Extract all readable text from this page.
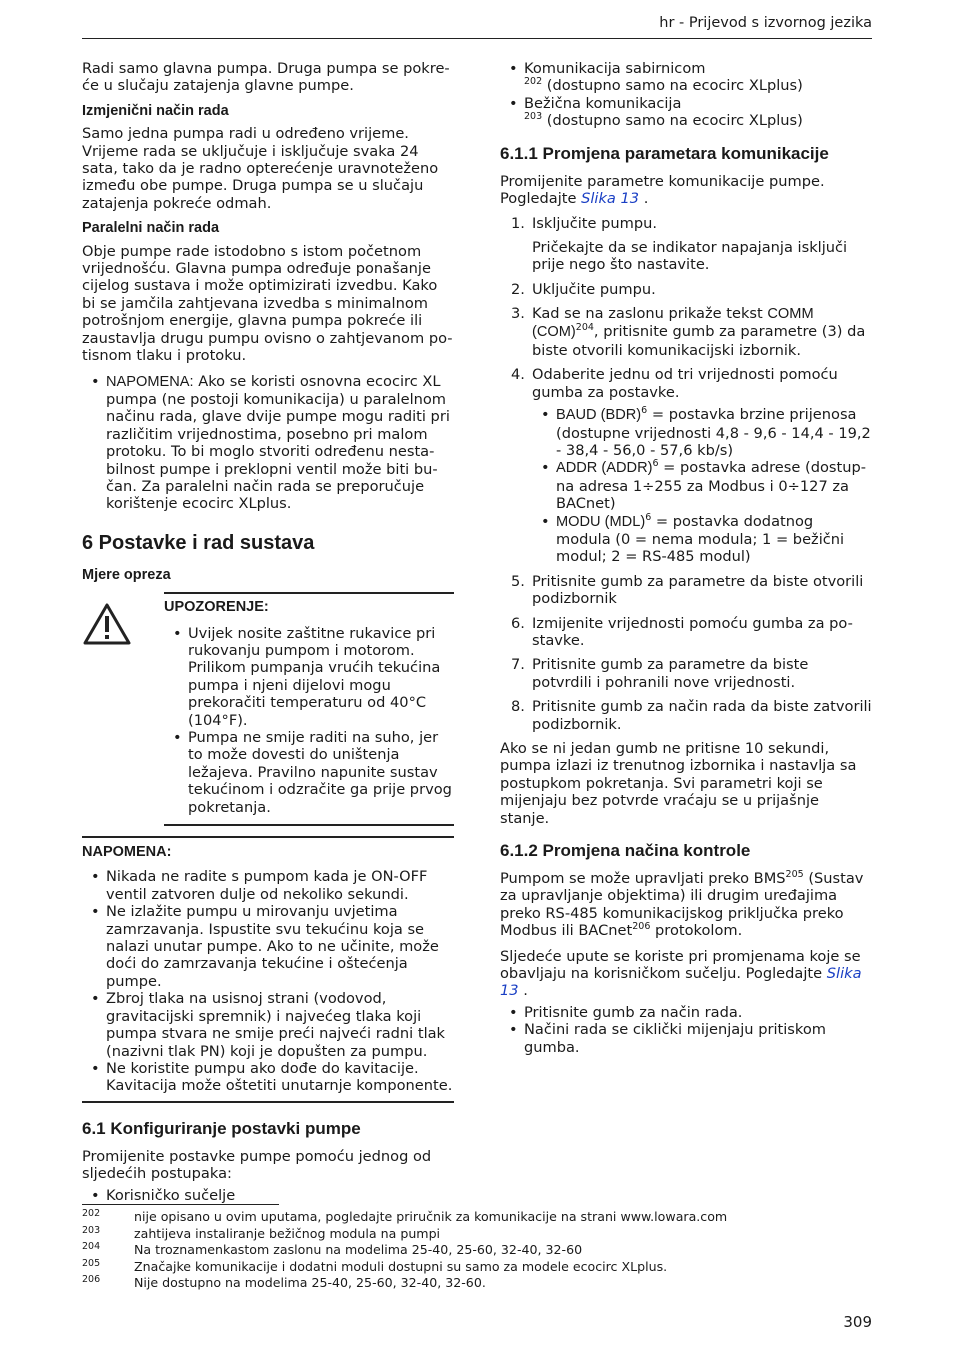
hr - Prijevod s izvornog jezika

Radi samo glavna pumpa. Druga pumpa se pokre-će u slučaju zatajenja glavne pumpe.

Izmjenični način rada

Samo jedna pumpa radi u određeno vrijeme. Vrijeme rada se uključuje i isključuje svaka 24 sata, tako da je radno opterećenje uravnoteženo između obe pumpe. Druga pumpa se u slučaju zatajenja pokreće odmah.

Paralelni način rada

Obje pumpe rade istodobno s istom početnom vrijednošću. Glavna pumpa određuje ponašanje cijelog sustava i može optimizirati izvedbu. Kako bi se jamčila zahtjevana izvedba s minimalnom potrošnjom energije, glavna pumpa pokreće ili zaustavlja drugu pumpu ovisno o zahtjevanom po-tisnom tlaku i protoku.

• NAPOMENA: Ako se koristi osnovna ecocirc XL pumpa (ne postoji komunikacija) u paralelnom načinu rada, glave dvije pumpe mogu raditi pri različitim vrijednostima, posebno pri malom protoku. To bi moglo stvoriti određenu nesta-bilnost pumpe i preklopni ventil može biti bu-čan. Za paralelni način rada se preporučuje korištenje ecocirc XLplus.
6 Postavke i rad sustava
Mjere opreza
UPOZORENJE:
• Uvijek nosite zaštitne rukavice pri rukovanju pumpom i motorom. Prilikom pumpanja vrućih tekućina pumpa i njeni dijelovi mogu prekoračiti temperaturu od 40°C (104°F).
• Pumpa ne smije raditi na suho, jer to može dovesti do uništenja ležajeva. Pravilno napunite sustav tekućinom i odzračite ga prije prvog pokretanja.
NAPOMENA:
• Nikada ne radite s pumpom kada je ON-OFF ventil zatvoren dulje od nekoliko sekundi.
• Ne izlažite pumpu u mirovanju uvjetima zamrzavanja. Ispustite svu tekućinu koja se nalazi unutar pumpe. Ako to ne učinite, može doći do zamrzavanja tekućine i oštećenja pumpe.
• Zbroj tlaka na usisnoj strani (vodovod, gravitacijski spremnik) i najvećeg tlaka koji pumpa stvara ne smije preći najveći radni tlak (nazivni tlak PN) koji je dopušten za pumpu.
• Ne koristite pumpu ako dođe do kavitacije. Kavitacija može oštetiti unutarnje komponente.
6.1 Konfiguriranje postavki pumpe

Promijenite postavke pumpe pomoću jednog od sljedećih postupaka:

• Korisničko sučelje
• Komunikacija sabirnicom
$^{202}$ (dostupno samo na ecocirc XLplus)
• Bežična komunikacija
$^{203}$ (dostupno samo na ecocirc XLplus)
6.1.1 Promjena parametara komunikacije

Promijenite parametre komunikacije pumpe. Pogledajte Slika 13 .

1. Isključite pumpu.
Pričekajte da se indikator napajanja isključi prije nego što nastavite.
2. Uključite pumpu.
3. Kad se na zaslonu prikaže tekst COMM (COM)$^{204}$, pritisnite gumb za parametre (3) da biste otvorili komunikacijski izbornik.
4. Odaberite jednu od tri vrijednosti pomoću gumba za postavke.
• BAUD (BDR)$^6$ = postavka brzine prijenosa (dostupne vrijednosti 4,8 - 9,6 - 14,4 - 19,2 - 38,4 - 56,0 - 57,6 kb/s)
• ADDR (ADDR)$^6$ = postavka adrese (dostup-na adresa 1÷255 za Modbus i 0÷127 za BACnet)
• MODU (MDL)$^6$ = postavka dodatnog modula (0 = nema modula; 1 = bežični modul; 2 = RS-485 modul)
5. Pritisnite gumb za parametre da biste otvorili podizbornik
6. Izmijenite vrijednosti pomoću gumba za po-stavke.
7. Pritisnite gumb za parametre da biste potvrdili i pohranili nove vrijednosti.
8. Pritisnite gumb za način rada da biste zatvorili podizbornik.

Ako se ni jedan gumb ne pritisne 10 sekundi, pumpa izlazi iz trenutnog izbornika i nastavlja sa postupkom pokretanja. Svi parametri koji se mijenjaju bez potvrde vraćaju se u prijašnje stanje.

6.1.2 Promjena načina kontrole

Pumpom se može upravljati preko BMS$^{205}$ (Sustav za upravljanje objektima) ili drugim uređajima preko RS-485 komunikacijskog priključka preko Modbus ili BACnet$^{206}$ protokolom.

Sljedeće upute se koriste pri promjenama koje se obavljaju na korisničkom sučelju. Pogledajte Slika 13 .

• Pritisnite gumb za način rada.
• Načini rada se ciklički mijenjaju pritiskom gumba.
202	nije opisano u ovim uputama, pogledajte priručnik za komunikacije na strani www.lowara.com
203	zahtijeva instaliranje bežičnog modula na pumpi
204	Na troznamenkastom zaslonu na modelima 25-40, 25-60, 32-40, 32-60
205	Značajke komunikacije i dodatni moduli dostupni su samo za modele ecocirc XLplus.
206	Nije dostupno na modelima 25-40, 25-60, 32-40, 32-60.
309
